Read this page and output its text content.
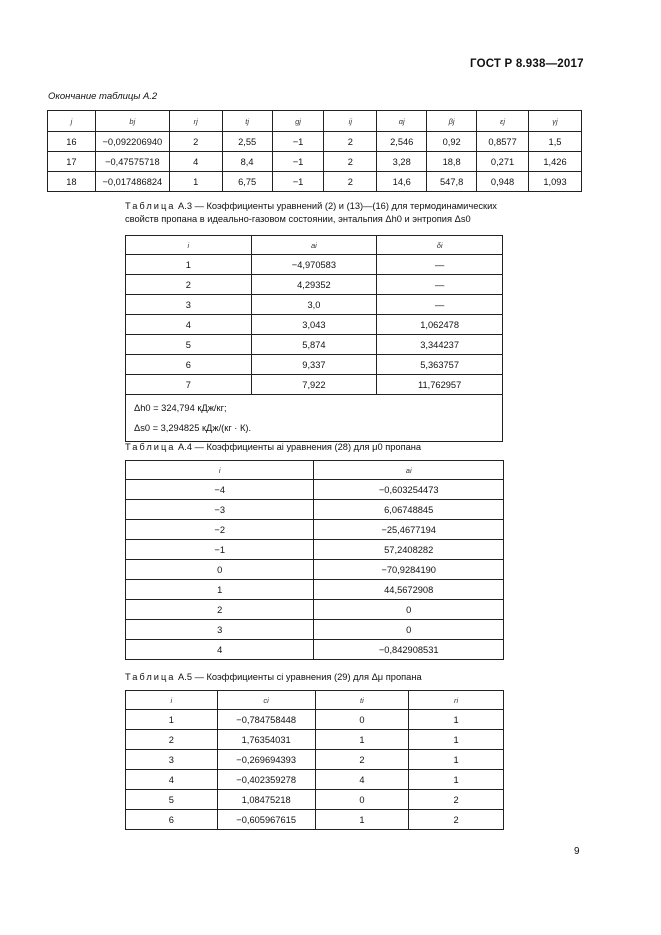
ГОСТ Р 8.938—2017
Окончание таблицы А.2
j	bj	rj	tj	gj	ij	αj	βj	εj	γj
16	−0,092206940	2	2,55	−1	2	2,546	0,92	0,8577	1,5
17	−0,47575718	4	8,4	−1	2	3,28	18,8	0,271	1,426
18	−0,017486824	1	6,75	−1	2	14,6	547,8	0,948	1,093
Таблица А.3 — Коэффициенты уравнений (2) и (13)—(16) для термодинамических свойств пропана в идеально-газовом состоянии, энтальпия Δh0 и энтропия Δs0
i	ai	δi
1	−4,970583	—
2	4,29352	—
3	3,0	—
4	3,043	1,062478
5	5,874	3,344237
6	9,337	5,363757
7	7,922	11,762957

Δh0 = 324,794 кДж/кг;
Δs0 = 3,294825 кДж/(кг · К).		
Таблица А.4 — Коэффициенты ai уравнения (28) для μ0 пропана
i	ai
−4	−0,603254473
−3	6,06748845
−2	−25,4677194
−1	57,2408282
0	−70,9284190
1	44,5672908
2	0
3	0
4	−0,842908531
Таблица А.5 — Коэффициенты ci уравнения (29) для Δμ пропана
i	ci	ti	ri
1	−0,784758448	0	1
2	1,76354031	1	1
3	−0,269694393	2	1
4	−0,402359278	4	1
5	1,08475218	0	2
6	−0,605967615	1	2
9
